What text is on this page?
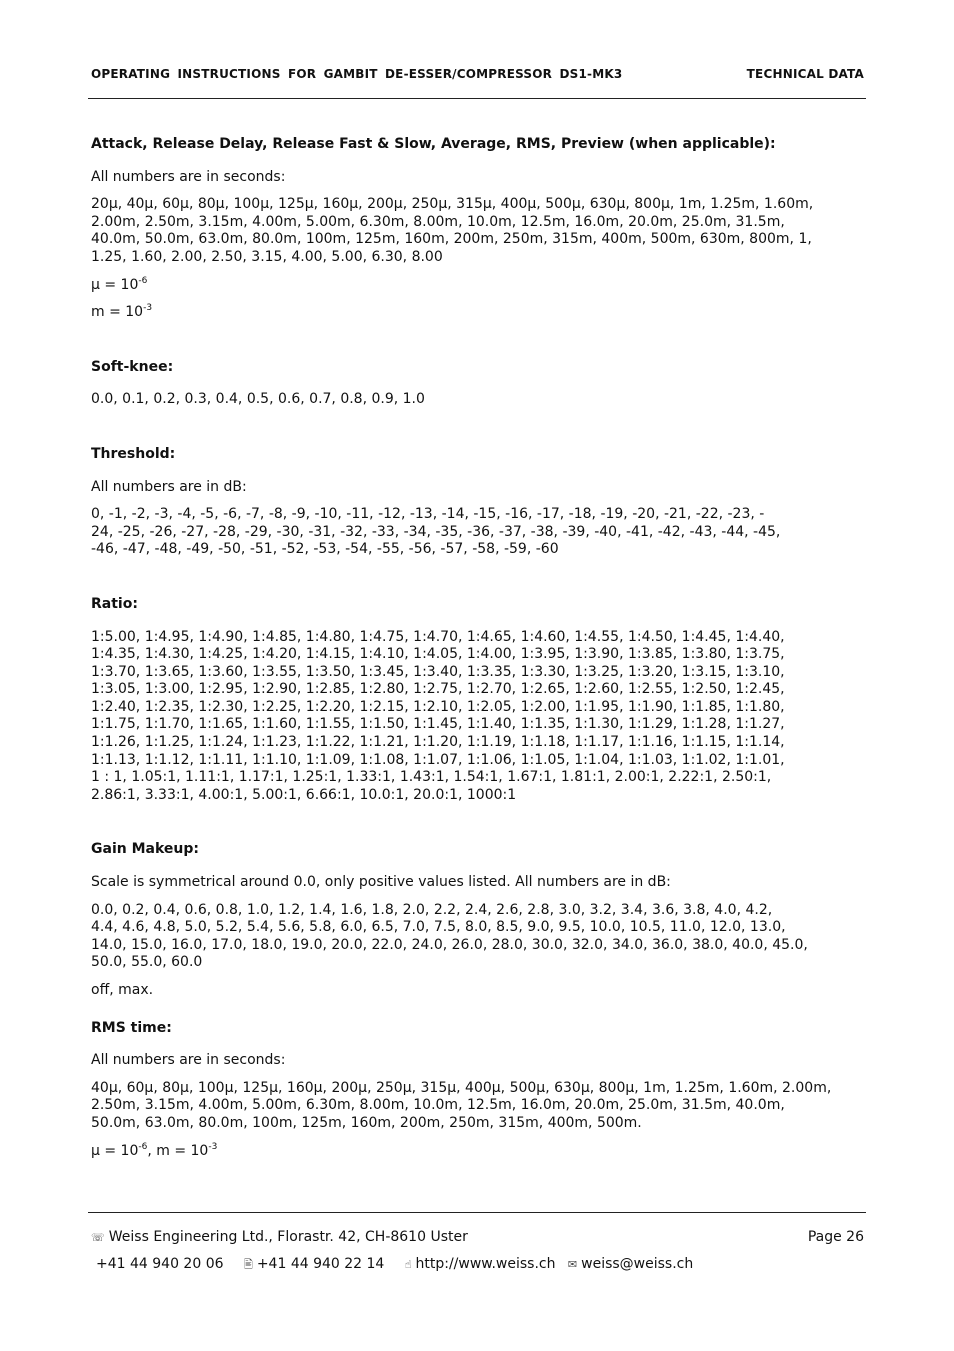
OPERATING INSTRUCTIONS FOR GAMBIT DE-ESSER/COMPRESSOR DS1-MK3	TECHNICAL DATA

Attack, Release Delay, Release Fast & Slow, Average, RMS, Preview (when applicable):

All numbers are in seconds:

20µ, 40µ, 60µ, 80µ, 100µ, 125µ, 160µ, 200µ, 250µ, 315µ, 400µ, 500µ, 630µ, 800µ, 1m, 1.25m, 1.60m,

2.00m, 2.50m, 3.15m, 4.00m, 5.00m, 6.30m, 8.00m, 10.0m, 12.5m, 16.0m, 20.0m, 25.0m, 31.5m,

40.0m, 50.0m, 63.0m, 80.0m, 100m, 125m, 160m, 200m, 250m, 315m, 400m, 500m, 630m, 800m, 1,

1.25, 1.60, 2.00, 2.50, 3.15, 4.00, 5.00, 6.30, 8.00

$\mu = 10^{-6}$

$m = 10^{-3}$

Soft-knee:

0.0, 0.1, 0.2, 0.3, 0.4, 0.5, 0.6, 0.7, 0.8, 0.9, 1.0

Threshold:

All numbers are in dB:

0, -1, -2, -3, -4, -5, -6, -7, -8, -9, -10, -11, -12, -13, -14, -15, -16, -17, -18, -19, -20, -21, -22, -23, -

24, -25, -26, -27, -28, -29, -30, -31, -32, -33, -34, -35, -36, -37, -38, -39, -40, -41, -42, -43, -44, -45,

-46, -47, -48, -49, -50, -51, -52, -53, -54, -55, -56, -57, -58, -59, -60

Ratio:

1:5.00, 1:4.95, 1:4.90, 1:4.85, 1:4.80, 1:4.75, 1:4.70, 1:4.65, 1:4.60, 1:4.55, 1:4.50, 1:4.45, 1:4.40,

1:4.35, 1:4.30, 1:4.25, 1:4.20, 1:4.15, 1:4.10, 1:4.05, 1:4.00, 1:3.95, 1:3.90, 1:3.85, 1:3.80, 1:3.75,

1:3.70, 1:3.65, 1:3.60, 1:3.55, 1:3.50, 1:3.45, 1:3.40, 1:3.35, 1:3.30, 1:3.25, 1:3.20, 1:3.15, 1:3.10,

1:3.05, 1:3.00, 1:2.95, 1:2.90, 1:2.85, 1:2.80, 1:2.75, 1:2.70, 1:2.65, 1:2.60, 1:2.55, 1:2.50, 1:2.45,

1:2.40, 1:2.35, 1:2.30, 1:2.25, 1:2.20, 1:2.15, 1:2.10, 1:2.05, 1:2.00, 1:1.95, 1:1.90, 1:1.85, 1:1.80,

1:1.75, 1:1.70, 1:1.65, 1:1.60, 1:1.55, 1:1.50, 1:1.45, 1:1.40, 1:1.35, 1:1.30, 1:1.29, 1:1.28, 1:1.27,

1:1.26, 1:1.25, 1:1.24, 1:1.23, 1:1.22, 1:1.21, 1:1.20, 1:1.19, 1:1.18, 1:1.17, 1:1.16, 1:1.15, 1:1.14,

1:1.13, 1:1.12, 1:1.11, 1:1.10, 1:1.09, 1:1.08, 1:1.07, 1:1.06, 1:1.05, 1:1.04, 1:1.03, 1:1.02, 1:1.01,

1 : 1, 1.05:1, 1.11:1, 1.17:1, 1.25:1, 1.33:1, 1.43:1, 1.54:1, 1.67:1, 1.81:1, 2.00:1, 2.22:1, 2.50:1,

2.86:1, 3.33:1, 4.00:1, 5.00:1, 6.66:1, 10.0:1, 20.0:1, 1000:1

Gain Makeup:

Scale is symmetrical around 0.0, only positive values listed. All numbers are in dB:

0.0, 0.2, 0.4, 0.6, 0.8, 1.0, 1.2, 1.4, 1.6, 1.8, 2.0, 2.2, 2.4, 2.6, 2.8, 3.0, 3.2, 3.4, 3.6, 3.8, 4.0, 4.2,

4.4, 4.6, 4.8, 5.0, 5.2, 5.4, 5.6, 5.8, 6.0, 6.5, 7.0, 7.5, 8.0, 8.5, 9.0, 9.5, 10.0, 10.5, 11.0, 12.0, 13.0,

14.0, 15.0, 16.0, 17.0, 18.0, 19.0, 20.0, 22.0, 24.0, 26.0, 28.0, 30.0, 32.0, 34.0, 36.0, 38.0, 40.0, 45.0,

50.0, 55.0, 60.0

off, max.

RMS time:

All numbers are in seconds:

40µ, 60µ, 80µ, 100µ, 125µ, 160µ, 200µ, 250µ, 315µ, 400µ, 500µ, 630µ, 800µ, 1m, 1.25m, 1.60m, 2.00m,

2.50m, 3.15m, 4.00m, 5.00m, 6.30m, 8.00m, 10.0m, 12.5m, 16.0m, 20.0m, 25.0m, 31.5m, 40.0m,

50.0m, 63.0m, 80.0m, 100m, 125m, 160m, 200m, 250m, 315m, 400m, 500m.

$\mu = 10^{-6}$, $m = 10^{-3}$

☏ Weiss Engineering Ltd., Florastr. 42, CH-8610 Uster	Page 26
+41 44 940 20 06 🖹 +41 44 940 22 14 ☝ http://www.weiss.ch ✉ weiss@weiss.ch
